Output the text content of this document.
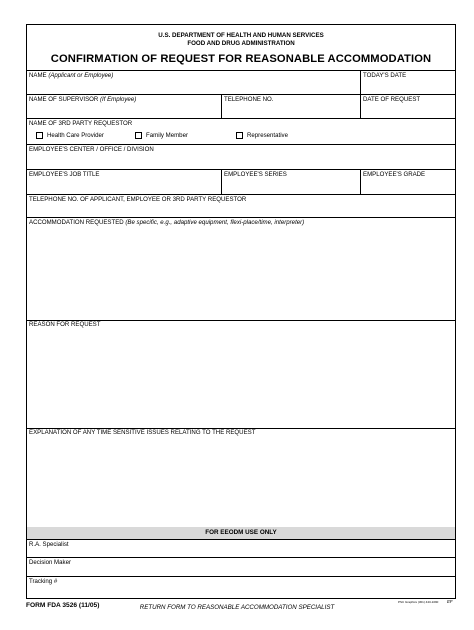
U.S. DEPARTMENT OF HEALTH AND HUMAN SERVICES
FOOD AND DRUG ADMINISTRATION
CONFIRMATION OF REQUEST FOR REASONABLE ACCOMMODATION
NAME (Applicant or Employee)	TODAY'S DATE
NAME OF SUPERVISOR (If Employee)	TELEPHONE NO.	DATE OF REQUEST
NAME OF 3RD PARTY REQUESTOR
Health Care Provider	Family Member	Representative
EMPLOYEE'S CENTER / OFFICE / DIVISION
EMPLOYEE'S JOB TITLE	EMPLOYEE'S SERIES	EMPLOYEE'S GRADE
TELEPHONE NO. OF APPLICANT, EMPLOYEE OR 3RD PARTY REQUESTOR
ACCOMMODATION REQUESTED (Be specific, e.g., adaptive equipment, flexi-place/time, interpreter)
REASON FOR REQUEST
EXPLANATION OF ANY TIME SENSITIVE ISSUES RELATING TO THE REQUEST
FOR EEODM USE ONLY
R.A. Specialist
Decision Maker
Tracking #
FORM FDA 3526 (11/05)	RETURN FORM TO REASONABLE ACCOMMODATION SPECIALIST
PSC Graphics (301) 443-1090 EF
